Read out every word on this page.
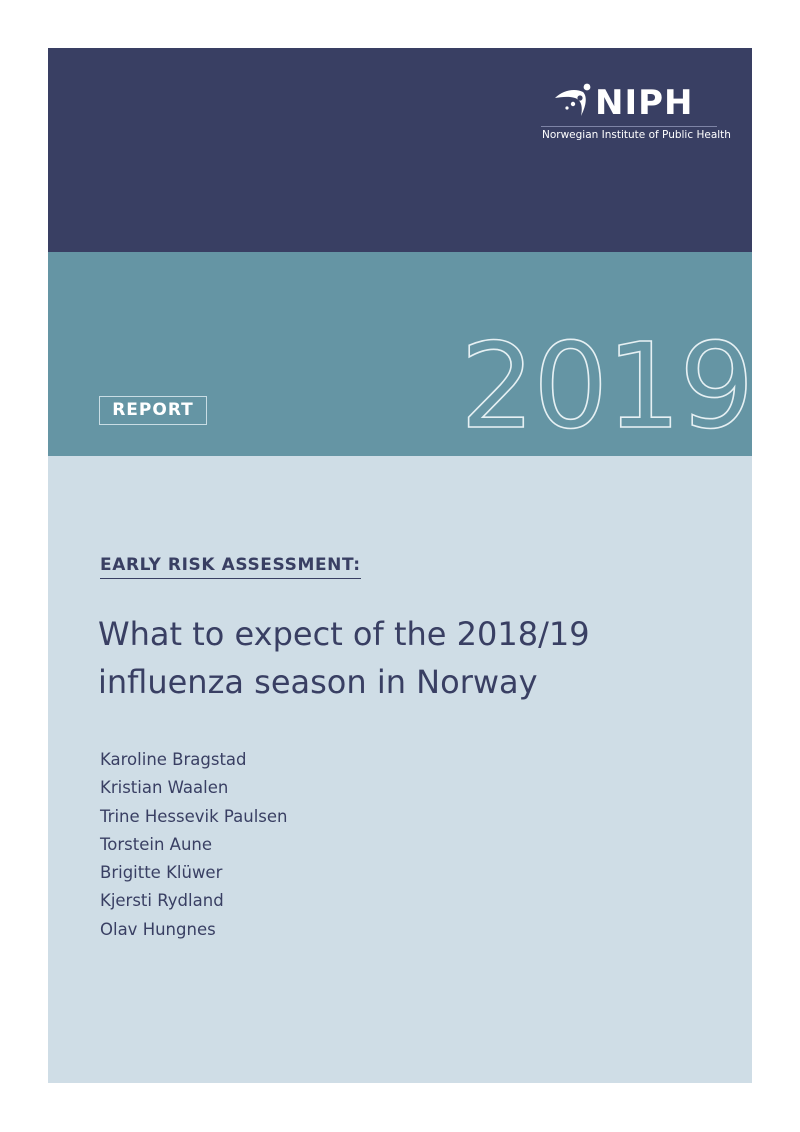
NIPH
Norwegian Institute of Public Health
REPORT 2019
EARLY RISK ASSESSMENT:
What to expect of the 2018/19
influenza season in Norway
Karoline Bragstad
Kristian Waalen
Trine Hessevik Paulsen
Torstein Aune
Brigitte Klüwer
Kjersti Rydland
Olav Hungnes
